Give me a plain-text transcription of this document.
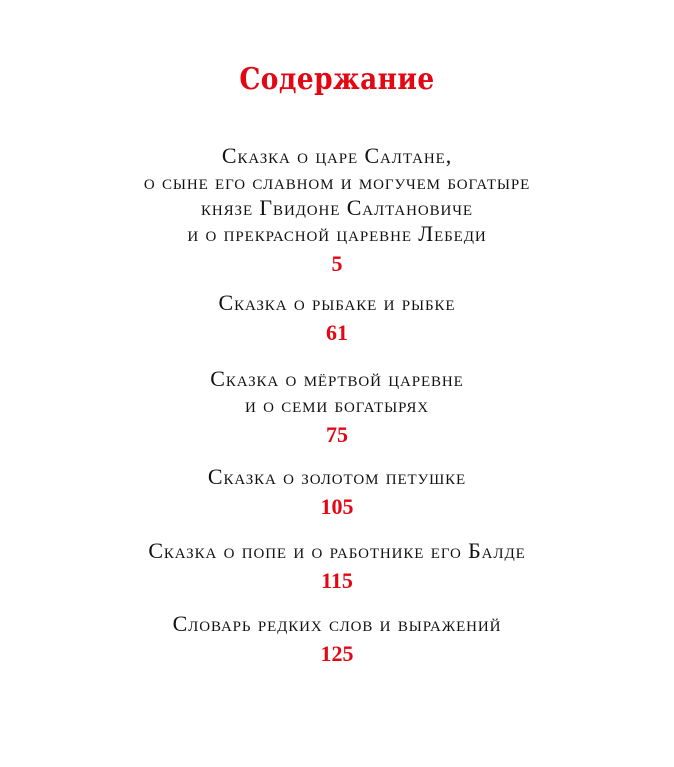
Содержание
Сказка о царе Салтане,
о сыне его славном и могучем богатыре
князе Гвидоне Салтановиче
и о прекрасной царевне Лебеди
5
Сказка о рыбаке и рыбке
61
Сказка о мёртвой царевне
и о семи богатырях
75
Сказка о золотом петушке
105
Сказка о попе и о работнике его Балде
115
Словарь редких слов и выражений
125
